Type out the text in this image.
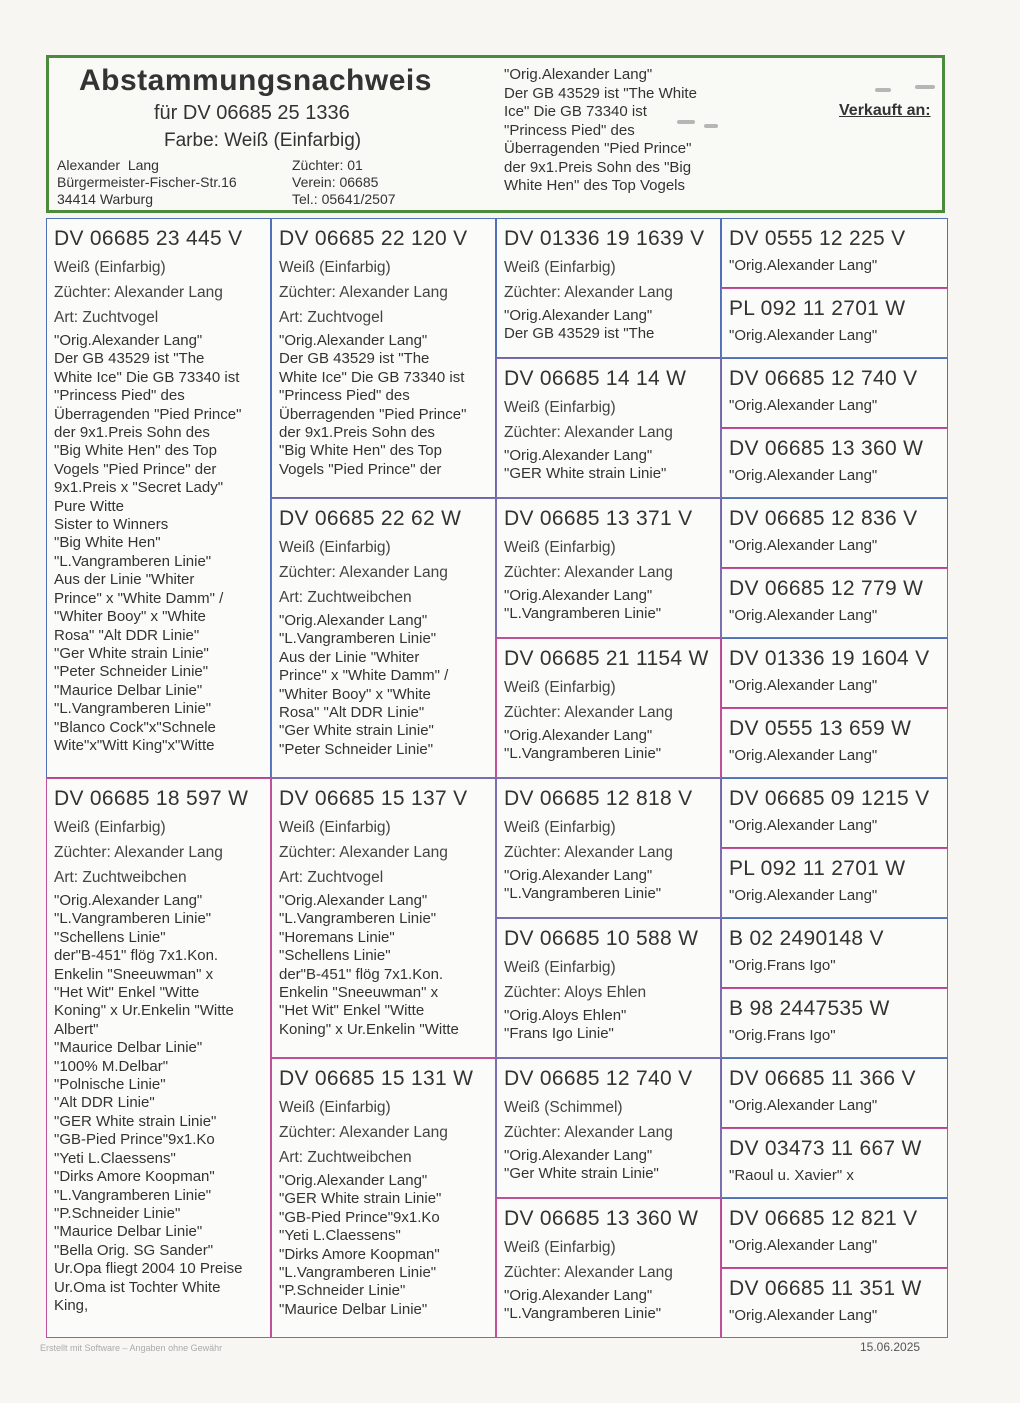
Abstammungsnachweis
für DV 06685 25 1336
Farbe: Weiß (Einfarbig)
Alexander  Lang
Bürgermeister-Fischer-Str.16
34414 Warburg
Züchter: 01
Verein: 06685
Tel.: 05641/2507
"Orig.Alexander Lang"
Der GB 43529 ist "The White
Ice" Die GB 73340 ist
"Princess Pied" des
Überragenden "Pied Prince"
der 9x1.Preis Sohn des "Big
White Hen" des Top Vogels
Verkauft an:
DV 06685 23 445 V
Weiß (Einfarbig)
Züchter: Alexander Lang
Art: Zuchtvogel
"Orig.Alexander Lang"
Der GB 43529 ist "The
White Ice" Die GB 73340 ist
"Princess Pied" des
Überragenden "Pied Prince"
der 9x1.Preis Sohn des
"Big White Hen" des Top
Vogels "Pied Prince" der
9x1.Preis x "Secret Lady"
Pure Witte
Sister to Winners
"Big White Hen"
"L.Vangramberen Linie"
Aus der Linie "Whiter
Prince" x "White Damm" /
"Whiter Booy" x "White
Rosa" "Alt DDR Linie"
"Ger White strain Linie"
"Peter Schneider Linie"
"Maurice Delbar Linie"
"L.Vangramberen Linie"
"Blanco Cock"x"Schnele
Wite"x"Witt King"x"Witte
DV 06685 18 597 W
Weiß (Einfarbig)
Züchter: Alexander Lang
Art: Zuchtweibchen
"Orig.Alexander Lang"
"L.Vangramberen Linie"
"Schellens Linie"
der"B-451" flög 7x1.Kon.
Enkelin "Sneeuwman" x
"Het Wit" Enkel "Witte
Koning" x Ur.Enkelin "Witte
Albert"
"Maurice Delbar Linie"
"100% M.Delbar"
"Polnische Linie"
"Alt DDR Linie"
"GER White strain Linie"
"GB-Pied Prince"9x1.Ko
"Yeti L.Claessens"
"Dirks Amore Koopman"
"L.Vangramberen Linie"
"P.Schneider Linie"
"Maurice Delbar Linie"
"Bella Orig. SG Sander"
Ur.Opa fliegt 2004 10 Preise
Ur.Oma ist Tochter White
King,
DV 06685 22 120 V
Weiß (Einfarbig)
Züchter: Alexander Lang
Art: Zuchtvogel
"Orig.Alexander Lang"
Der GB 43529 ist "The
White Ice" Die GB 73340 ist
"Princess Pied" des
Überragenden "Pied Prince"
der 9x1.Preis Sohn des
"Big White Hen" des Top
Vogels "Pied Prince" der
DV 06685 22 62 W
Weiß (Einfarbig)
Züchter: Alexander Lang
Art: Zuchtweibchen
"Orig.Alexander Lang"
"L.Vangramberen Linie"
Aus der Linie "Whiter
Prince" x "White Damm" /
"Whiter Booy" x "White
Rosa" "Alt DDR Linie"
"Ger White strain Linie"
"Peter Schneider Linie"
DV 06685 15 137 V
Weiß (Einfarbig)
Züchter: Alexander Lang
Art: Zuchtvogel
"Orig.Alexander Lang"
"L.Vangramberen Linie"
"Horemans Linie"
"Schellens Linie"
der"B-451" flög 7x1.Kon.
Enkelin "Sneeuwman" x
"Het Wit" Enkel "Witte
Koning" x Ur.Enkelin "Witte
DV 06685 15 131 W
Weiß (Einfarbig)
Züchter: Alexander Lang
Art: Zuchtweibchen
"Orig.Alexander Lang"
"GER White strain Linie"
"GB-Pied Prince"9x1.Ko
"Yeti L.Claessens"
"Dirks Amore Koopman"
"L.Vangramberen Linie"
"P.Schneider Linie"
"Maurice Delbar Linie"
DV 01336 19 1639 V
Weiß (Einfarbig)
Züchter: Alexander Lang
"Orig.Alexander Lang"
Der GB 43529 ist "The
DV 06685 14 14 W
Weiß (Einfarbig)
Züchter: Alexander Lang
"Orig.Alexander Lang"
"GER White strain Linie"
DV 06685 13 371 V
Weiß (Einfarbig)
Züchter: Alexander Lang
"Orig.Alexander Lang"
"L.Vangramberen Linie"
DV 06685 21 1154 W
Weiß (Einfarbig)
Züchter: Alexander Lang
"Orig.Alexander Lang"
"L.Vangramberen Linie"
DV 06685 12 818 V
Weiß (Einfarbig)
Züchter: Alexander Lang
"Orig.Alexander Lang"
"L.Vangramberen Linie"
DV 06685 10 588 W
Weiß (Einfarbig)
Züchter: Aloys Ehlen
"Orig.Aloys Ehlen"
"Frans Igo Linie"
DV 06685 12 740 V
Weiß (Schimmel)
Züchter: Alexander Lang
"Orig.Alexander Lang"
"Ger White strain Linie"
DV 06685 13 360 W
Weiß (Einfarbig)
Züchter: Alexander Lang
"Orig.Alexander Lang"
"L.Vangramberen Linie"
DV 0555 12 225 V
"Orig.Alexander Lang"
PL 092 11 2701 W
"Orig.Alexander Lang"
DV 06685 12 740 V
"Orig.Alexander Lang"
DV 06685 13 360 W
"Orig.Alexander Lang"
DV 06685 12 836 V
"Orig.Alexander Lang"
DV 06685 12 779 W
"Orig.Alexander Lang"
DV 01336 19 1604 V
"Orig.Alexander Lang"
DV 0555 13 659 W
"Orig.Alexander Lang"
DV 06685 09 1215 V
"Orig.Alexander Lang"
PL 092 11 2701 W
"Orig.Alexander Lang"
B 02 2490148 V
"Orig.Frans Igo"
B 98 2447535 W
"Orig.Frans Igo"
DV 06685 11 366 V
"Orig.Alexander Lang"
DV 03473 11 667 W
"Raoul u. Xavier" x
DV 06685 12 821 V
"Orig.Alexander Lang"
DV 06685 11 351 W
"Orig.Alexander Lang"
Erstellt mit Software – Angaben ohne Gewähr	15.06.2025
